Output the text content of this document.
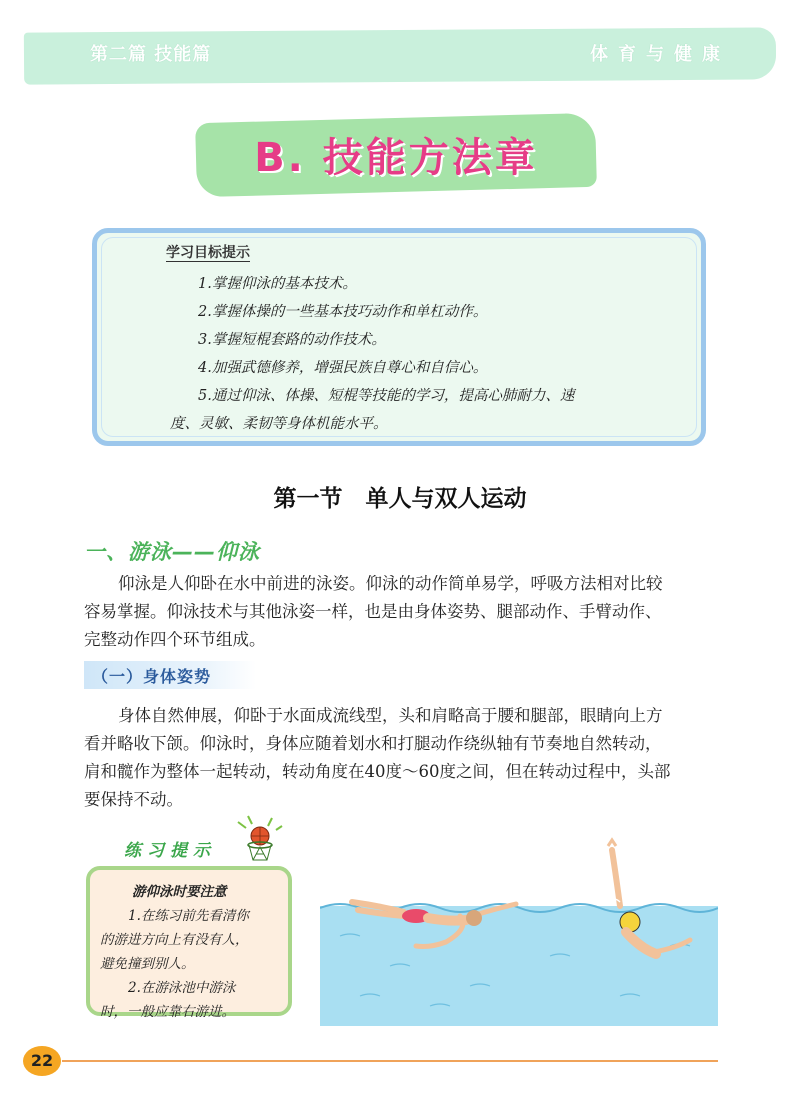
第二篇 技能篇	体育与健康
B. 技能方法章
学习目标提示
1.掌握仰泳的基本技术。
2.掌握体操的一些基本技巧动作和单杠动作。
3.掌握短棍套路的动作技术。
4.加强武德修养，增强民族自尊心和自信心。
5.通过仰泳、体操、短棍等技能的学习，提高心肺耐力、速
度、灵敏、柔韧等身体机能水平。
第一节　单人与双人运动
一、游泳——仰泳

仰泳是人仰卧在水中前进的泳姿。仰泳的动作简单易学，呼吸方法相对比较

容易掌握。仰泳技术与其他泳姿一样，也是由身体姿势、腿部动作、手臂动作、

完整动作四个环节组成。

（一）身体姿势

身体自然伸展，仰卧于水面成流线型，头和肩略高于腰和腿部，眼睛向上方

看并略收下颌。仰泳时，身体应随着划水和打腿动作绕纵轴有节奏地自然转动，

肩和髋作为整体一起转动，转动角度在40度～60度之间，但在转动过程中，头部

要保持不动。

练习提示
游仰泳时要注意
1.在练习前先看清你
的游进方向上有没有人，
避免撞到别人。
2.在游泳池中游泳
时，一般应靠右游进。
22
